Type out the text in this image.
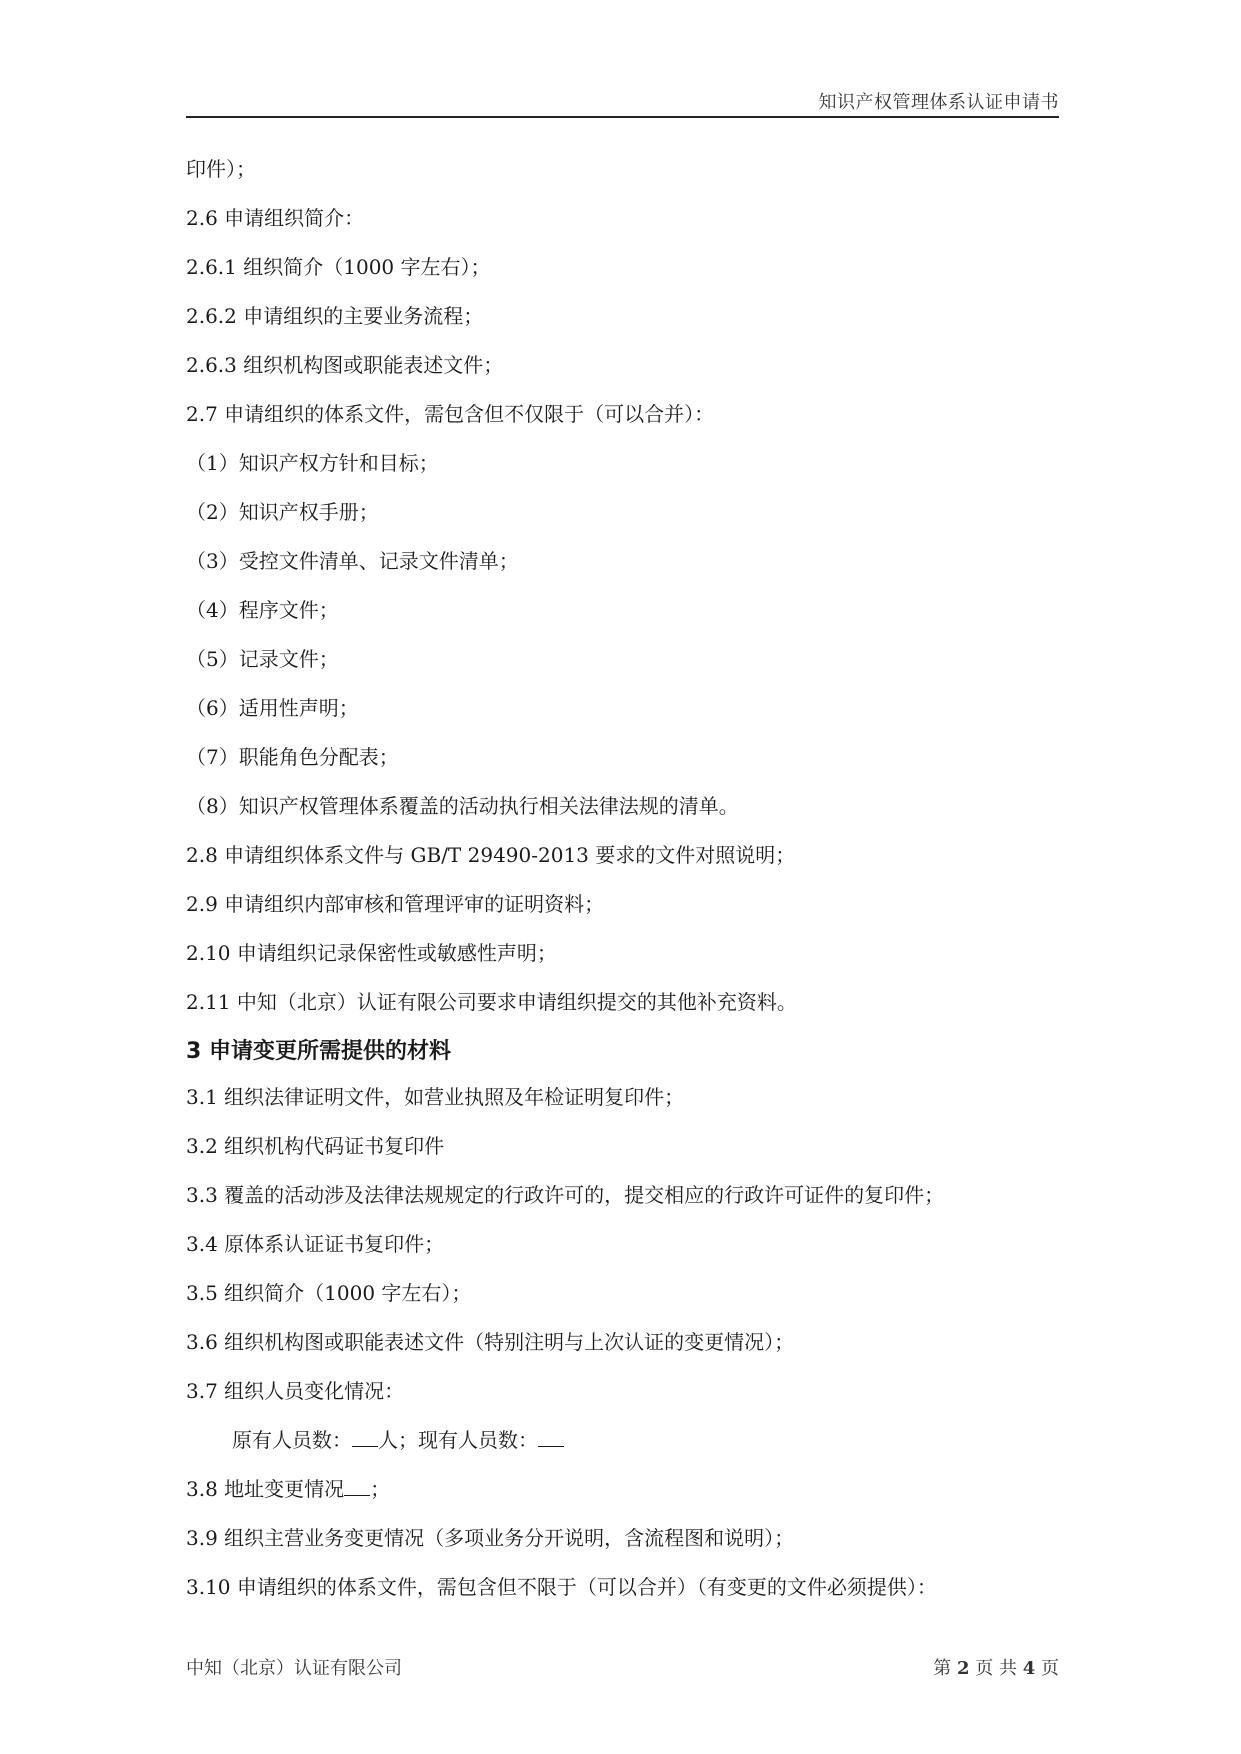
知识产权管理体系认证申请书
印件）；
2.6 申请组织简介：
2.6.1 组织简介（1000 字左右）；
2.6.2 申请组织的主要业务流程；
2.6.3 组织机构图或职能表述文件；
2.7 申请组织的体系文件，需包含但不仅限于（可以合并）：
（1）知识产权方针和目标；
（2）知识产权手册；
（3）受控文件清单、记录文件清单；
（4）程序文件；
（5）记录文件；
（6）适用性声明；
（7）职能角色分配表；
（8）知识产权管理体系覆盖的活动执行相关法律法规的清单。
2.8 申请组织体系文件与 GB/T 29490-2013 要求的文件对照说明；
2.9 申请组织内部审核和管理评审的证明资料；
2.10 申请组织记录保密性或敏感性声明；
2.11 中知（北京）认证有限公司要求申请组织提交的其他补充资料。
3 申请变更所需提供的材料
3.1 组织法律证明文件，如营业执照及年检证明复印件；
3.2 组织机构代码证书复印件
3.3 覆盖的活动涉及法律法规规定的行政许可的，提交相应的行政许可证件的复印件；
3.4 原体系认证证书复印件；
3.5 组织简介（1000 字左右）；
3.6 组织机构图或职能表述文件（特别注明与上次认证的变更情况）；
3.7 组织人员变化情况：
原有人员数： 人；现有人员数：
3.8 地址变更情况 ；
3.9 组织主营业务变更情况（多项业务分开说明，含流程图和说明）；
3.10 申请组织的体系文件，需包含但不限于（可以合并）（有变更的文件必须提供）：
中知（北京）认证有限公司	第 2 页 共 4 页
